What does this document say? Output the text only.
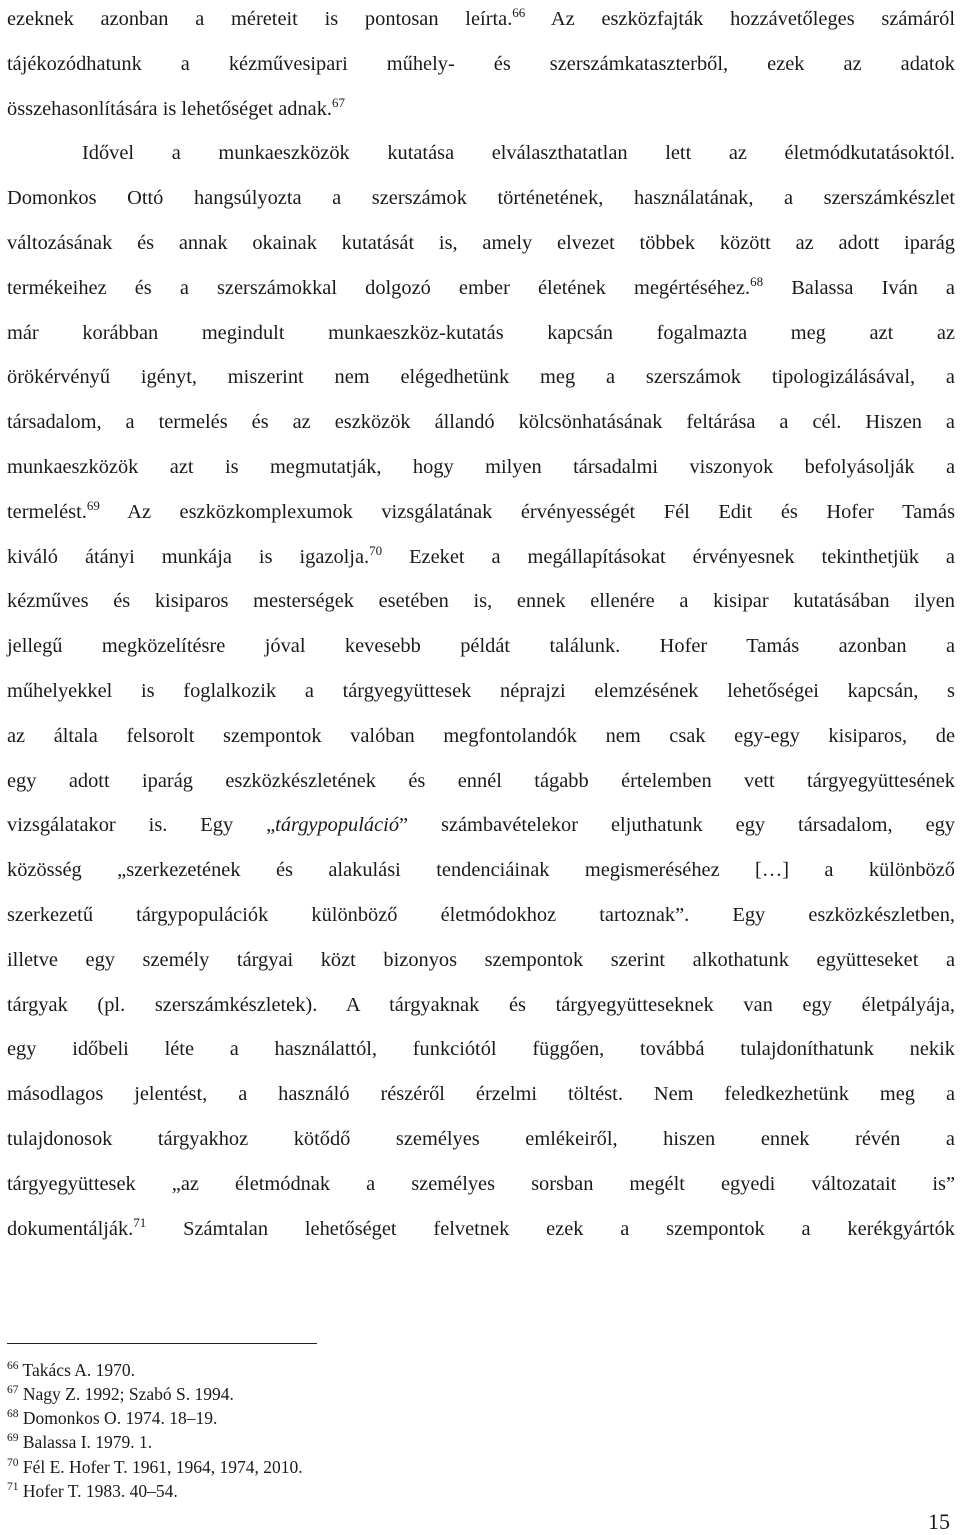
ezeknek azonban a méreteit is pontosan leírta.$^{66}$ Az eszközfajták hozzávetőleges számáról

tájékozódhatunk a kézművesipari műhely- és szerszámkataszterből, ezek az adatok

összehasonlítására is lehetőséget adnak.$^{67}$

Idővel a munkaeszközök kutatása elválaszthatatlan lett az életmódkutatásoktól.

Domonkos Ottó hangsúlyozta a szerszámok történetének, használatának, a szerszámkészlet

változásának és annak okainak kutatását is, amely elvezet többek között az adott iparág

termékeihez és a szerszámokkal dolgozó ember életének megértéséhez.$^{68}$ Balassa Iván a

már korábban megindult munkaeszköz-kutatás kapcsán fogalmazta meg azt az

örökérvényű igényt, miszerint nem elégedhetünk meg a szerszámok tipologizálásával, a

társadalom, a termelés és az eszközök állandó kölcsönhatásának feltárása a cél. Hiszen a

munkaeszközök azt is megmutatják, hogy milyen társadalmi viszonyok befolyásolják a

termelést.$^{69}$ Az eszközkomplexumok vizsgálatának érvényességét Fél Edit és Hofer Tamás

kiváló átányi munkája is igazolja.$^{70}$ Ezeket a megállapításokat érvényesnek tekinthetjük a

kézműves és kisiparos mesterségek esetében is, ennek ellenére a kisipar kutatásában ilyen

jellegű megközelítésre jóval kevesebb példát találunk. Hofer Tamás azonban a

műhelyekkel is foglalkozik a tárgyegyüttesek néprajzi elemzésének lehetőségei kapcsán, s

az általa felsorolt szempontok valóban megfontolandók nem csak egy-egy kisiparos, de

egy adott iparág eszközkészletének és ennél tágabb értelemben vett tárgyegyüttesének

vizsgálatakor is. Egy „tárgypopuláció” számbavételekor eljuthatunk egy társadalom, egy

közösség „szerkezetének és alakulási tendenciáinak megismeréséhez […] a különböző

szerkezetű tárgypopulációk különböző életmódokhoz tartoznak”. Egy eszközkészletben,

illetve egy személy tárgyai közt bizonyos szempontok szerint alkothatunk együtteseket a

tárgyak (pl. szerszámkészletek). A tárgyaknak és tárgyegyütteseknek van egy életpályája,

egy időbeli léte a használattól, funkciótól függően, továbbá tulajdoníthatunk nekik

másodlagos jelentést, a használó részéről érzelmi töltést. Nem feledkezhetünk meg a

tulajdonosok tárgyakhoz kötődő személyes emlékeiről, hiszen ennek révén a

tárgyegyüttesek „az életmódnak a személyes sorsban megélt egyedi változatait is”

dokumentálják.$^{71}$ Számtalan lehetőséget felvetnek ezek a szempontok a kerékgyártók

$^{66}$ Takács A. 1970.

$^{67}$ Nagy Z. 1992; Szabó S. 1994.

$^{68}$ Domonkos O. 1974. 18–19.

$^{69}$ Balassa I. 1979. 1.

$^{70}$ Fél E. Hofer T. 1961, 1964, 1974, 2010.

$^{71}$ Hofer T. 1983. 40–54.

15
